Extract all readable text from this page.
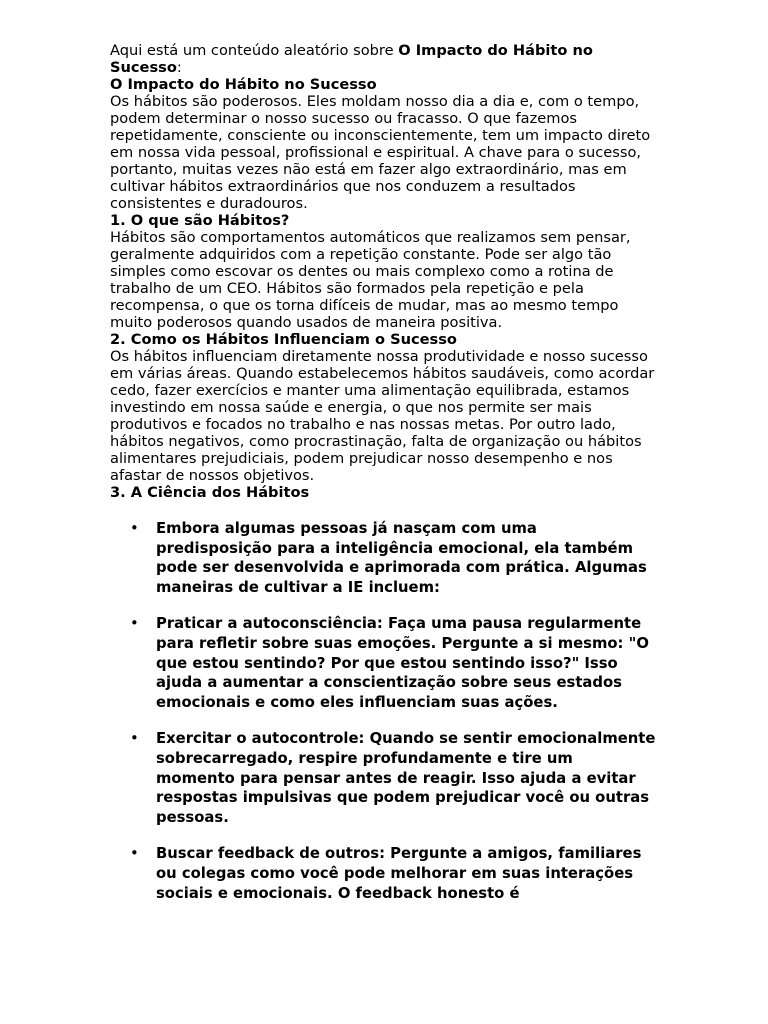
Aqui está um conteúdo aleatório sobre O Impacto do Hábito no Sucesso:

O Impacto do Hábito no Sucesso

Os hábitos são poderosos. Eles moldam nosso dia a dia e, com o tempo, podem determinar o nosso sucesso ou fracasso. O que fazemos repetidamente, consciente ou inconscientemente, tem um impacto direto em nossa vida pessoal, profissional e espiritual. A chave para o sucesso, portanto, muitas vezes não está em fazer algo extraordinário, mas em cultivar hábitos extraordinários que nos conduzem a resultados consistentes e duradouros.

1. O que são Hábitos?

Hábitos são comportamentos automáticos que realizamos sem pensar, geralmente adquiridos com a repetição constante. Pode ser algo tão simples como escovar os dentes ou mais complexo como a rotina de trabalho de um CEO. Hábitos são formados pela repetição e pela recompensa, o que os torna difíceis de mudar, mas ao mesmo tempo muito poderosos quando usados de maneira positiva.

2. Como os Hábitos Influenciam o Sucesso

Os hábitos influenciam diretamente nossa produtividade e nosso sucesso em várias áreas. Quando estabelecemos hábitos saudáveis, como acordar cedo, fazer exercícios e manter uma alimentação equilibrada, estamos investindo em nossa saúde e energia, o que nos permite ser mais produtivos e focados no trabalho e nas nossas metas. Por outro lado, hábitos negativos, como procrastinação, falta de organização ou hábitos alimentares prejudiciais, podem prejudicar nosso desempenho e nos afastar de nossos objetivos.

3. A Ciência dos Hábitos

• Embora algumas pessoas já nasçam com uma predisposição para a inteligência emocional, ela também pode ser desenvolvida e aprimorada com prática. Algumas maneiras de cultivar a IE incluem:
• Praticar a autoconsciência: Faça uma pausa regularmente para refletir sobre suas emoções. Pergunte a si mesmo: "O que estou sentindo? Por que estou sentindo isso?" Isso ajuda a aumentar a conscientização sobre seus estados emocionais e como eles influenciam suas ações.
• Exercitar o autocontrole: Quando se sentir emocionalmente sobrecarregado, respire profundamente e tire um momento para pensar antes de reagir. Isso ajuda a evitar respostas impulsivas que podem prejudicar você ou outras pessoas.
• Buscar feedback de outros: Pergunte a amigos, familiares ou colegas como você pode melhorar em suas interações sociais e emocionais. O feedback honesto é
